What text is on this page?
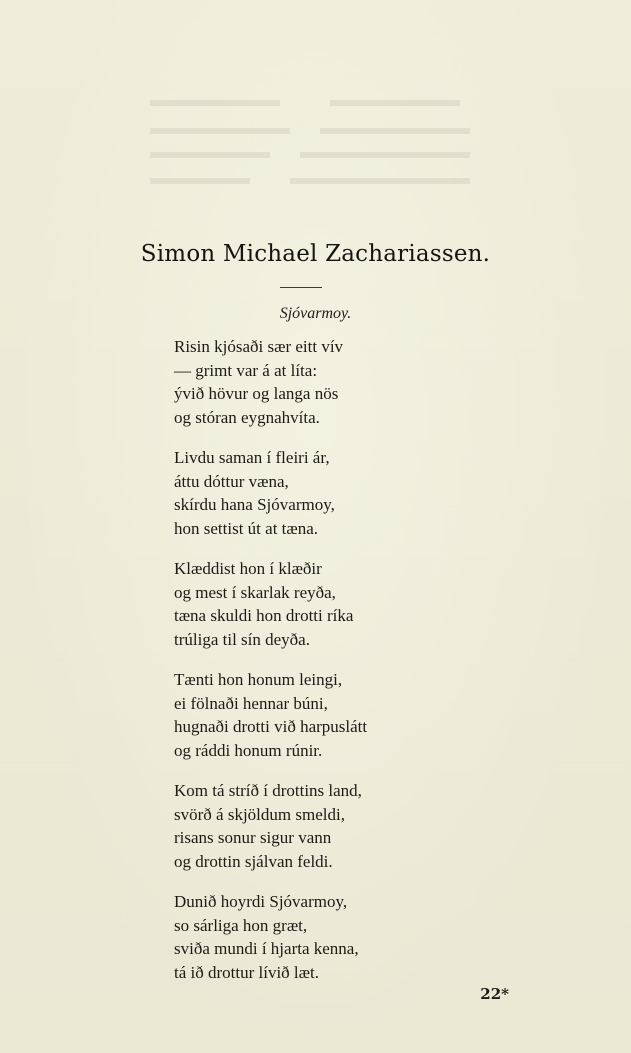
Simon Michael Zachariassen.
Sjóvarmoy.
Risin kjósaði sær eitt vív
— grimt var á at líta:
ývið hövur og langa nös
og stóran eygnahvíta.
Livdu saman í fleiri ár,
áttu dóttur væna,
skírdu hana Sjóvarmoy,
hon settist út at tæna.
Klæddist hon í klæðir
og mest í skarlak reyða,
tæna skuldi hon drotti ríka
trúliga til sín deyða.
Tænti hon honum leingi,
ei fölnaði hennar búni,
hugnaði drotti við harpuslátt
og ráddi honum rúnir.
Kom tá stríð í drottins land,
svörð á skjöldum smeldi,
risans sonur sigur vann
og drottin sjálvan feldi.
Dunið hoyrdi Sjóvarmoy,
so sárliga hon græt,
sviða mundi í hjarta kenna,
tá ið drottur lívið læt.
22*
